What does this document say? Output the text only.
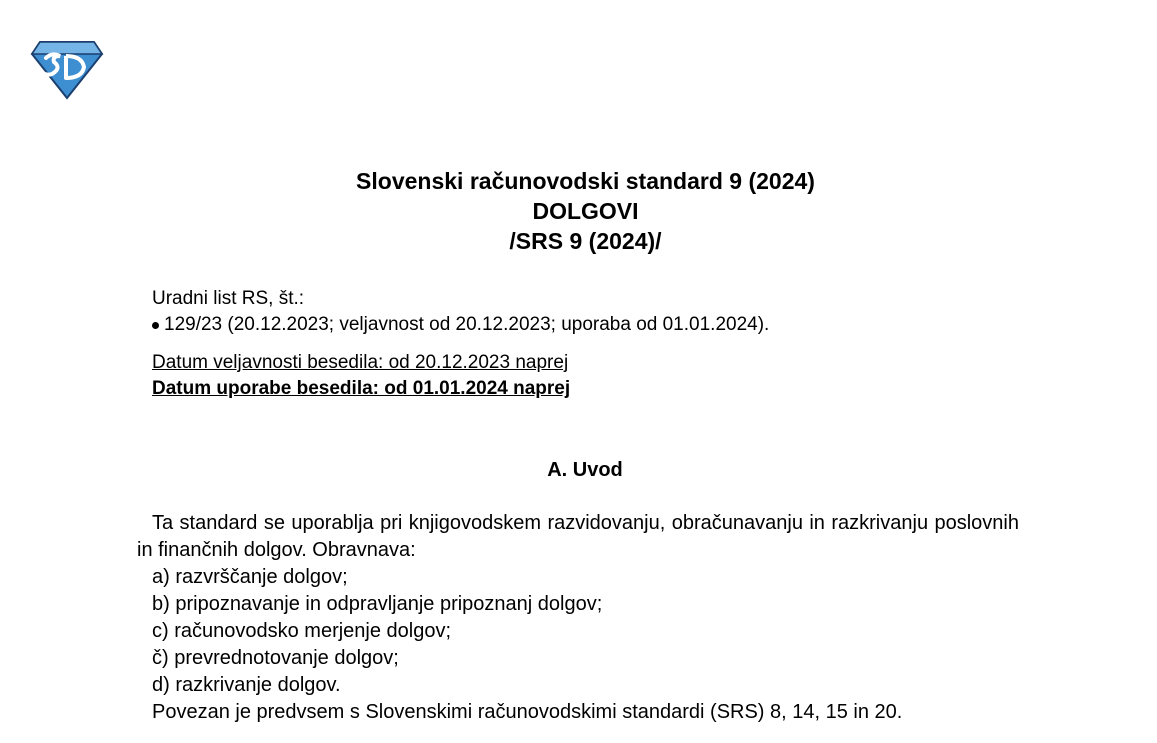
Slovenski računovodski standard 9 (2024)
DOLGOVI
/SRS 9 (2024)/
Uradni list RS, št.:
129/23 (20.12.2023; veljavnost od 20.12.2023; uporaba od 01.01.2024).
Datum veljavnosti besedila: od 20.12.2023 naprej
Datum uporabe besedila: od 01.01.2024 naprej
A. Uvod
Ta standard se uporablja pri knjigovodskem razvidovanju, obračunavanju in razkrivanju poslovnih in finančnih dolgov. Obravnava:
a) razvrščanje dolgov;
b) pripoznavanje in odpravljanje pripoznanj dolgov;
c) računovodsko merjenje dolgov;
č) prevrednotovanje dolgov;
d) razkrivanje dolgov.
Povezan je predvsem s Slovenskimi računovodskimi standardi (SRS) 8, 14, 15 in 20.
